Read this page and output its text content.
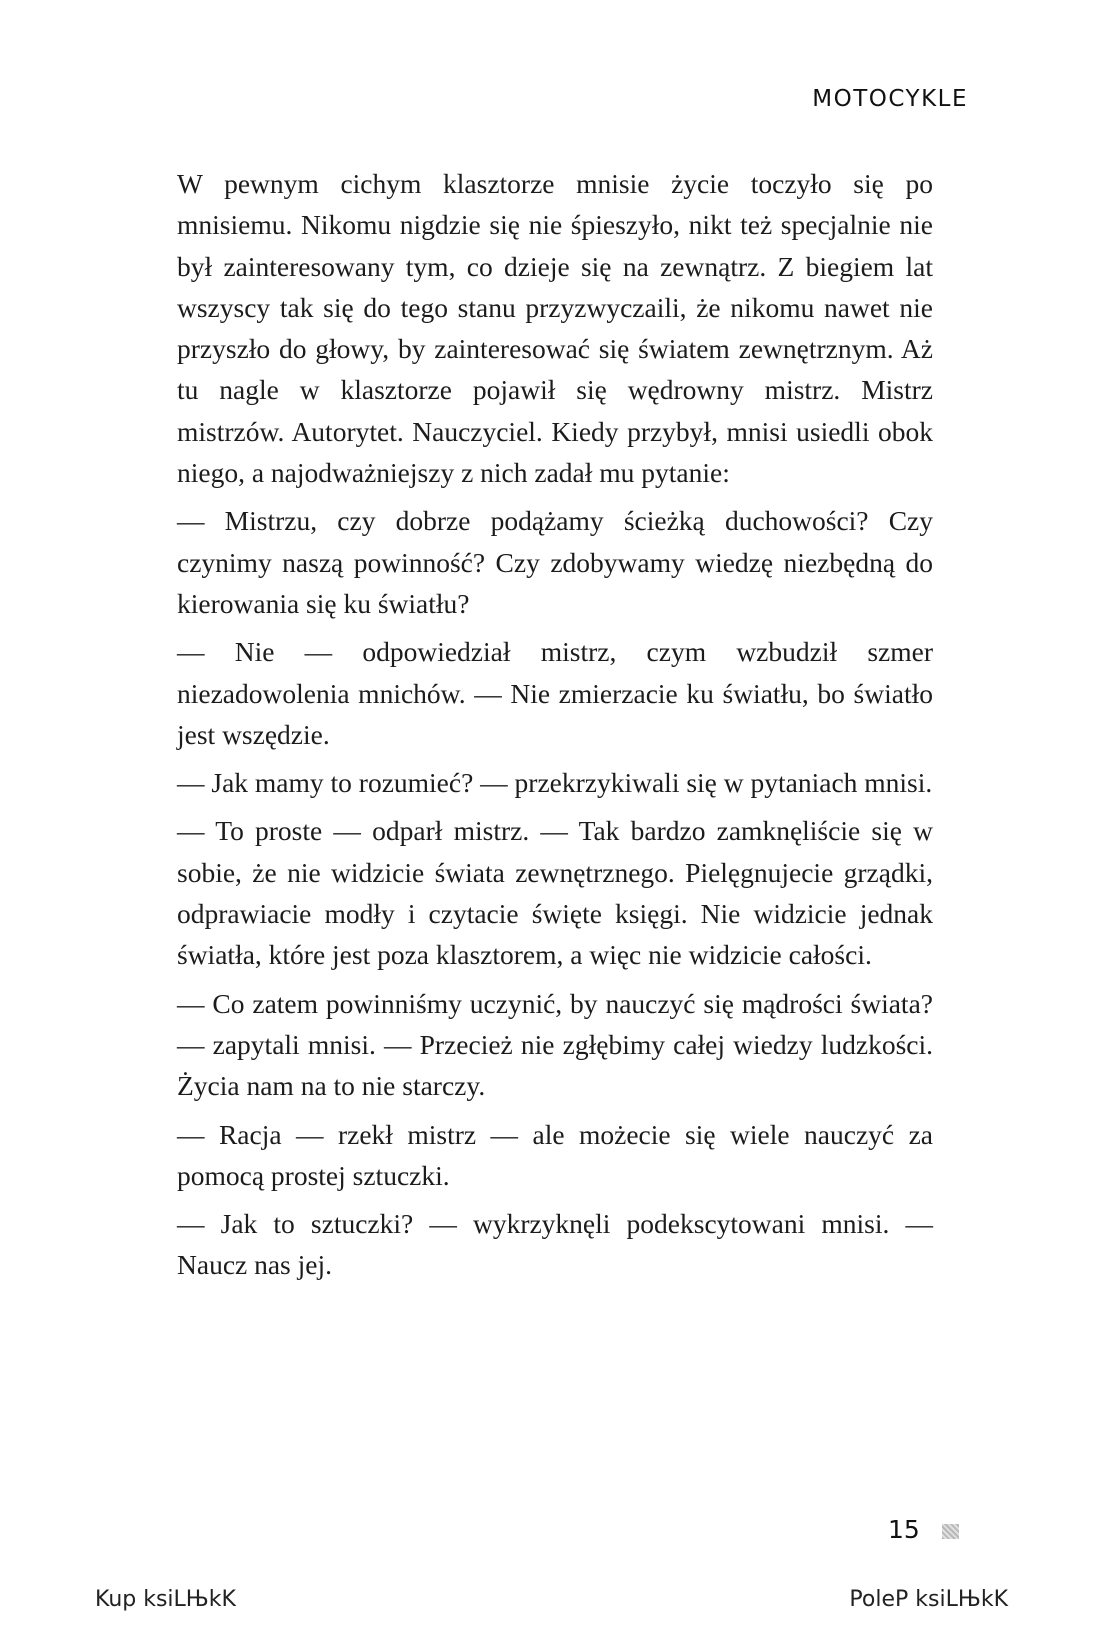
MOTOCYKLE

W pewnym cichym klasztorze mnisie życie toczyło się po mnisiemu. Nikomu nigdzie się nie śpieszyło, nikt też specjalnie nie był zainteresowany tym, co dzieje się na zewnątrz. Z biegiem lat wszyscy tak się do tego stanu przyzwyczaili, że nikomu nawet nie przyszło do głowy, by zainteresować się światem zewnętrznym. Aż tu nagle w klasztorze pojawił się wędrowny mistrz. Mistrz mistrzów. Autorytet. Nauczyciel. Kiedy przybył, mnisi usiedli obok niego, a najodważniejszy z nich zadał mu pytanie:

— Mistrzu, czy dobrze podążamy ścieżką duchowości? Czy czynimy naszą powinność? Czy zdobywamy wiedzę niezbędną do kierowania się ku światłu?

— Nie — odpowiedział mistrz, czym wzbudził szmer niezadowolenia mnichów. — Nie zmierzacie ku światłu, bo światło jest wszędzie.

— Jak mamy to rozumieć? — przekrzykiwali się w pytaniach mnisi.

— To proste — odparł mistrz. — Tak bardzo zamknęliście się w sobie, że nie widzicie świata zewnętrznego. Pielęgnujecie grządki, odprawiacie modły i czytacie święte księgi. Nie widzicie jednak światła, które jest poza klasztorem, a więc nie widzicie całości.

— Co zatem powinniśmy uczynić, by nauczyć się mądrości świata? — zapytali mnisi. — Przecież nie zgłębimy całej wiedzy ludzkości. Życia nam na to nie starczy.

— Racja — rzekł mistrz — ale możecie się wiele nauczyć za pomocą prostej sztuczki.

— Jak to sztuczki? — wykrzyknęli podekscytowani mnisi. — Naucz nas jej.

15
Kup ksiLЊkK	PoleP ksiLЊkK
